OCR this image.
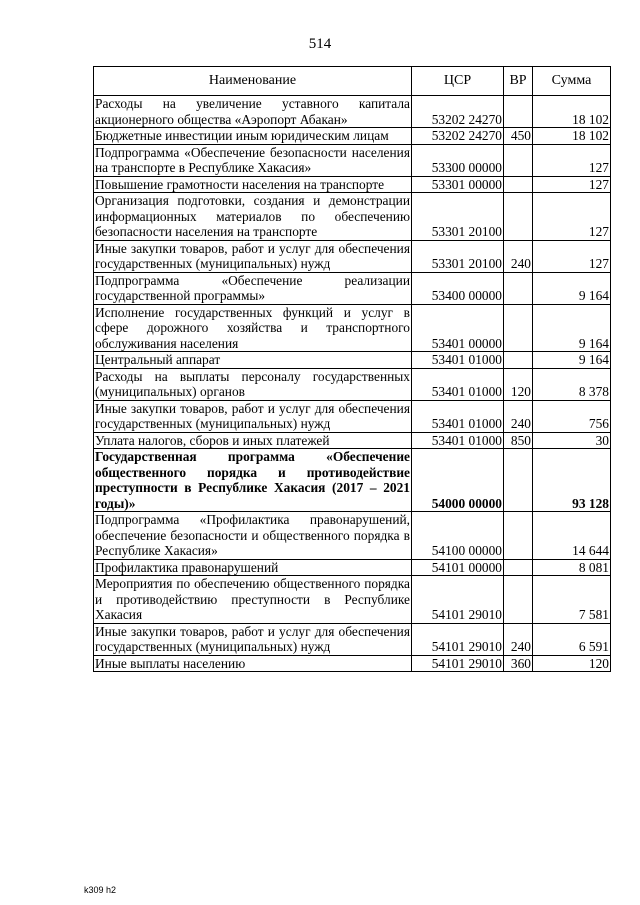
514
Наименование	ЦСР	ВР	Сумма
Расходы на увеличение уставного капитала акционерного общества «Аэропорт Абакан»	53202 24270		18 102
Бюджетные инвестиции иным юридическим лицам	53202 24270	450	18 102
Подпрограмма «Обеспечение безопасности населения на транспорте в Республике Хакасия»	53300 00000		127
Повышение грамотности населения на транспорте	53301 00000		127
Организация подготовки, создания и демонстрации информационных материалов по обеспечению безопасности населения на транспорте	53301 20100		127
Иные закупки товаров, работ и услуг для обеспечения государственных (муниципальных) нужд	53301 20100	240	127
Подпрограмма «Обеспечение реализации государственной программы»	53400 00000		9 164
Исполнение государственных функций и услуг в сфере дорожного хозяйства и транспортного обслуживания населения	53401 00000		9 164
Центральный аппарат	53401 01000		9 164
Расходы на выплаты персоналу государственных (муниципальных) органов	53401 01000	120	8 378
Иные закупки товаров, работ и услуг для обеспечения государственных (муниципальных) нужд	53401 01000	240	756
Уплата налогов, сборов и иных платежей	53401 01000	850	30
Государственная программа «Обеспечение общественного порядка и противодействие преступности в Республике Хакасия (2017 – 2021 годы)»	54000 00000		93 128
Подпрограмма «Профилактика правонарушений, обеспечение безопасности и общественного порядка в Республике Хакасия»	54100 00000		14 644
Профилактика правонарушений	54101 00000		8 081
Мероприятия по обеспечению общественного порядка и противодействию преступности в Республике Хакасия	54101 29010		7 581
Иные закупки товаров, работ и услуг для обеспечения государственных (муниципальных) нужд	54101 29010	240	6 591
Иные выплаты населению	54101 29010	360	120
k309 h2
